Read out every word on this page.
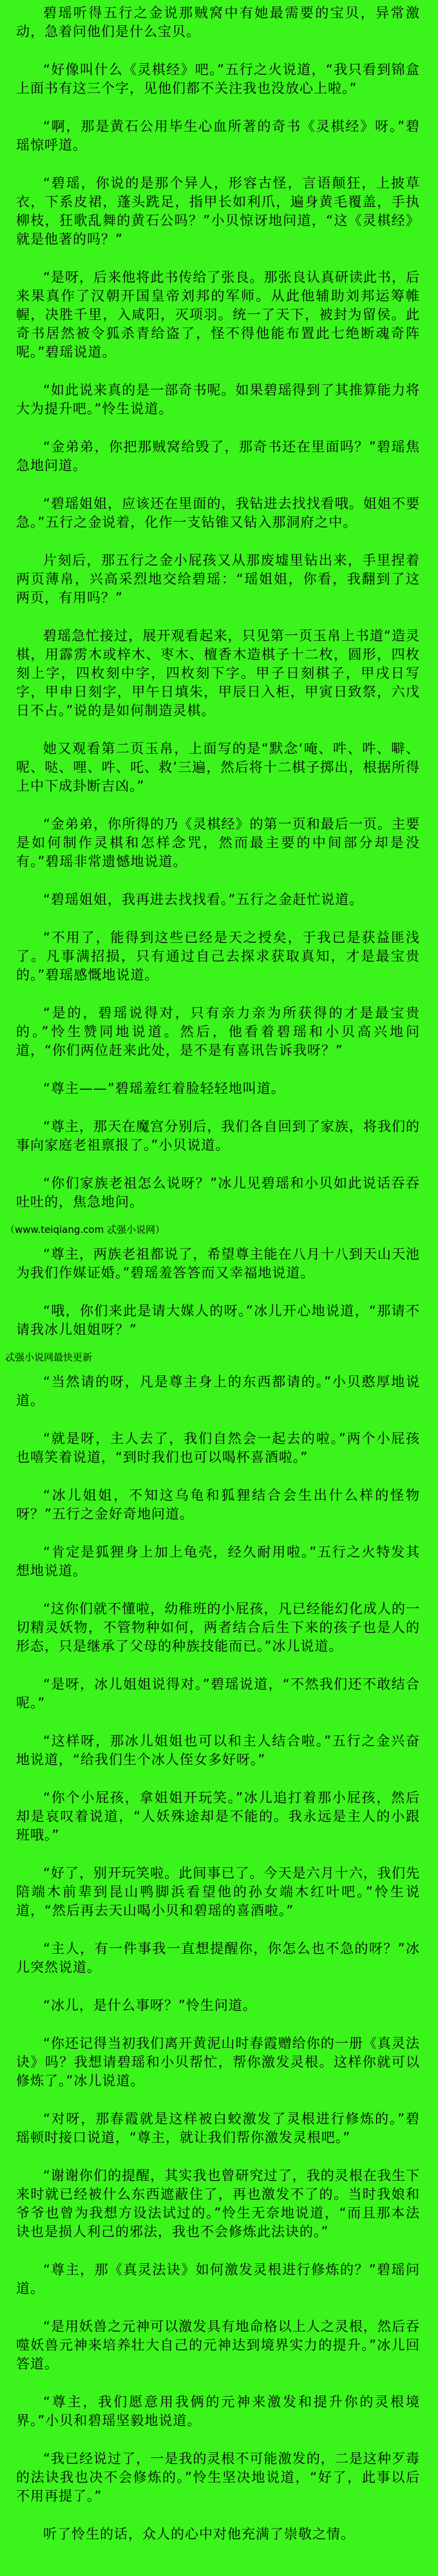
碧瑶听得五行之金说那贼窝中有她最需要的宝贝，异常激动，急着问他们是什么宝贝。

“好像叫什么《灵棋经》吧。”五行之火说道，“我只看到锦盒上面书有这三个字，见他们都不关注我也没放心上啦。”

“啊，那是黄石公用毕生心血所著的奇书《灵棋经》呀。”碧瑶惊呼道。

“碧瑶，你说的是那个异人，形容古怪，言语颠狂，上披草衣，下系皮裙，蓬头跣足，指甲长如利爪，遍身黄毛覆盖，手执柳枝，狂歌乱舞的黄石公吗？”小贝惊讶地问道，“这《灵棋经》就是他著的吗？”

“是呀，后来他将此书传给了张良。那张良认真研读此书，后来果真作了汉朝开国皇帝刘邦的军师。从此他辅助刘邦运筹帷幄，决胜千里，入咸阳，灭项羽。统一了天下，被封为留侯。此奇书居然被令狐杀青给盗了，怪不得他能布置此七绝断魂奇阵呢。”碧瑶说道。

“如此说来真的是一部奇书呢。如果碧瑶得到了其推算能力将大为提升吧。”怜生说道。

“金弟弟，你把那贼窝给毁了，那奇书还在里面吗？”碧瑶焦急地问道。

“碧瑶姐姐，应该还在里面的，我钻进去找找看哦。姐姐不要急。”五行之金说着，化作一支钻锥又钻入那洞府之中。

片刻后，那五行之金小屁孩又从那废墟里钻出来，手里捏着两页薄帛，兴高采烈地交给碧瑶：“瑶姐姐，你看，我翻到了这两页，有用吗？”

碧瑶急忙接过，展开观看起来，只见第一页玉帛上书道“造灵棋，用霹雳木或梓木、枣木、檀香木造棋子十二枚，圆形，四枚刻上字，四枚刻中字，四枚刻下字。甲子日刻棋子，甲戌日写字，甲申日刻字，甲午日填朱，甲辰日入柜，甲寅日致祭，六戊日不占。”说的是如何制造灵棋。

她又观看第二页玉帛，上面写的是“默念‘唵、吽、吽、噼、呢、哒、哩、吽、吒、救’三遍，然后将十二棋子掷出，根据所得上中下成卦断吉凶。”

“金弟弟，你所得的乃《灵棋经》的第一页和最后一页。主要是如何制作灵棋和怎样念咒，然而最主要的中间部分却是没有。”碧瑶非常遗憾地说道。

“碧瑶姐姐，我再进去找找看。”五行之金赶忙说道。

“不用了，能得到这些已经是天之授矣，于我已是获益匪浅了。凡事满招损，只有通过自己去探求获取真知，才是最宝贵的。”碧瑶感慨地说道。

“是的，碧瑶说得对，只有亲力亲为所获得的才是最宝贵的。”怜生赞同地说道。然后，他看着碧瑶和小贝高兴地问道，“你们两位赶来此处，是不是有喜讯告诉我呀？”

“尊主——”碧瑶羞红着脸轻轻地叫道。

“尊主，那天在魔宫分别后，我们各自回到了家族，将我们的事向家庭老祖禀报了。”小贝说道。

“你们家族老祖怎么说呀？”冰儿见碧瑶和小贝如此说话吞吞吐吐的，焦急地问。

（www.teiqiang.com 忒强小说网）

“尊主，两族老祖都说了，希望尊主能在八月十八到天山天池为我们作媒证婚。”碧瑶羞答答而又幸福地说道。

“哦，你们来此是请大媒人的呀。”冰儿开心地说道，“那请不请我冰儿姐姐呀？”

忒强小说网最快更新

“当然请的呀，凡是尊主身上的东西都请的。”小贝憨厚地说道。

“就是呀，主人去了，我们自然会一起去的啦。”两个小屁孩也嘻笑着说道，“到时我们也可以喝杯喜酒啦。”

“冰儿姐姐，不知这乌龟和狐狸结合会生出什么样的怪物呀？”五行之金好奇地问道。

“肯定是狐狸身上加上龟壳，经久耐用啦。”五行之火特发其想地说道。

“这你们就不懂啦，幼稚班的小屁孩，凡已经能幻化成人的一切精灵妖物，不管物种如何，两者结合后生下来的孩子也是人的形态，只是继承了父母的种族技能而已。”冰儿说道。

“是呀，冰儿姐姐说得对。”碧瑶说道，“不然我们还不敢结合呢。”

“这样呀，那冰儿姐姐也可以和主人结合啦。”五行之金兴奋地说道，“给我们生个冰人侄女多好呀。”

“你个小屁孩，拿姐姐开玩笑。”冰儿追打着那小屁孩，然后却是哀叹着说道，“人妖殊途却是不能的。我永远是主人的小跟班哦。”

“好了，别开玩笑啦。此间事已了。今天是六月十六，我们先陪端木前辈到昆山鸭脚浜看望他的孙女端木红叶吧。”怜生说道，“然后再去天山喝小贝和碧瑶的喜酒啦。”

“主人，有一件事我一直想提醒你，你怎么也不急的呀？”冰儿突然说道。

“冰儿，是什么事呀？”怜生问道。

“你还记得当初我们离开黄泥山时春霞赠给你的一册《真灵法诀》吗？我想请碧瑶和小贝帮忙，帮你激发灵根。这样你就可以修炼了。”冰儿说道。

“对呀，那春霞就是这样被白蛟激发了灵根进行修炼的。”碧瑶顿时接口说道，“尊主，就让我们帮你激发灵根吧。”

“谢谢你们的提醒，其实我也曾研究过了，我的灵根在我生下来时就已经被什么东西遮蔽住了，再也激发不了的。当时我娘和爷爷也曾为我想方设法试过的。”怜生无奈地说道，“而且那本法诀也是损人利己的邪法，我也不会修炼此法诀的。”

“尊主，那《真灵法诀》如何激发灵根进行修炼的？”碧瑶问道。

“是用妖兽之元神可以激发具有地命格以上人之灵根，然后吞噬妖兽元神来培养壮大自己的元神达到境界实力的提升。”冰儿回答道。

“尊主，我们愿意用我俩的元神来激发和提升你的灵根境界。”小贝和碧瑶坚毅地说道。

“我已经说过了，一是我的灵根不可能激发的，二是这种歹毒的法诀我也决不会修炼的。”怜生坚决地说道，“好了，此事以后不用再提了。”

听了怜生的话，众人的心中对他充满了崇敬之情。
